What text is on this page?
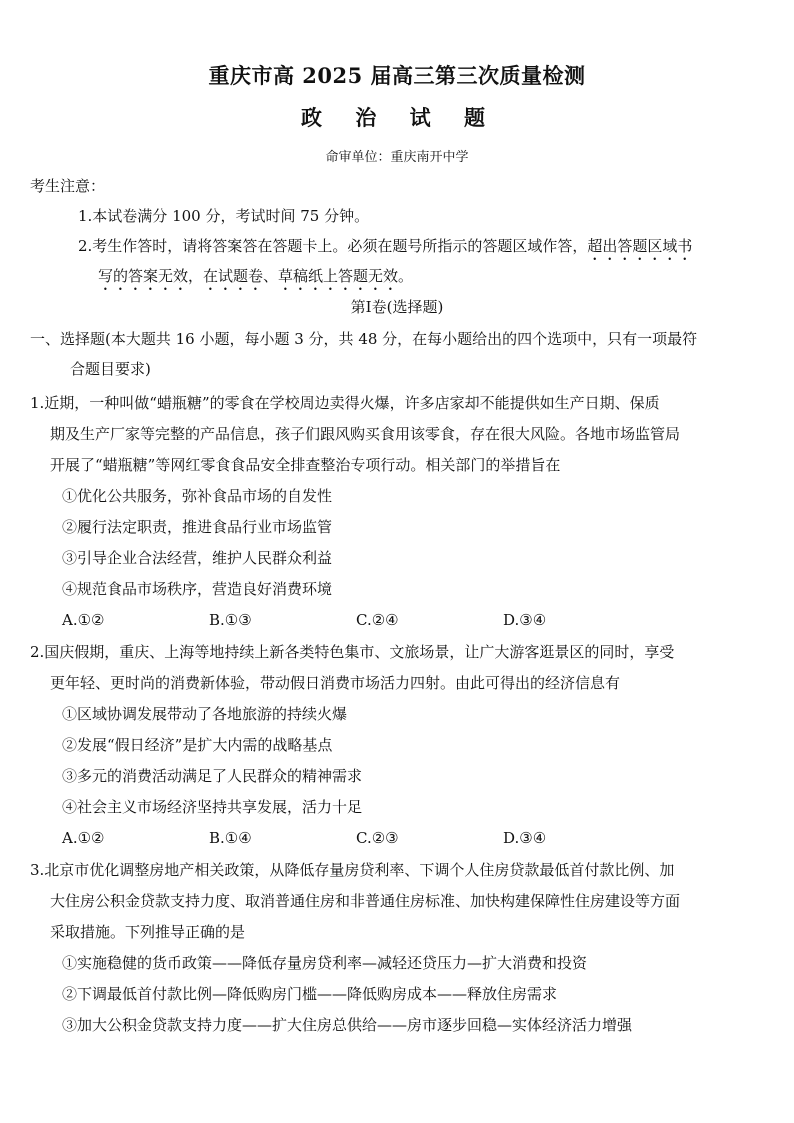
重庆市高 2025 届高三第三次质量检测
政 治 试 题
命审单位：重庆南开中学
考生注意：
1.本试卷满分 100 分，考试时间 75 分钟。
2.考生作答时，请将答案答在答题卡上。必须在题号所指示的答题区域作答，超出答题区域书
写的答案无效，在试题卷、草稿纸上答题无效。
第Ⅰ卷(选择题)
一、选择题(本大题共 16 小题，每小题 3 分，共 48 分，在每小题给出的四个选项中，只有一项最符
合题目要求)
1.近期，一种叫做“蜡瓶糖”的零食在学校周边卖得火爆，许多店家却不能提供如生产日期、保质
期及生产厂家等完整的产品信息，孩子们跟风购买食用该零食，存在很大风险。各地市场监管局
开展了“蜡瓶糖”等网红零食食品安全排查整治专项行动。相关部门的举措旨在
①优化公共服务，弥补食品市场的自发性
②履行法定职责，推进食品行业市场监管
③引导企业合法经营，维护人民群众利益
④规范食品市场秩序，营造良好消费环境
A.①②	B.①③	C.②④	D.③④
2.国庆假期，重庆、上海等地持续上新各类特色集市、文旅场景，让广大游客逛景区的同时，享受
更年轻、更时尚的消费新体验，带动假日消费市场活力四射。由此可得出的经济信息有
①区域协调发展带动了各地旅游的持续火爆
②发展“假日经济”是扩大内需的战略基点
③多元的消费活动满足了人民群众的精神需求
④社会主义市场经济坚持共享发展，活力十足
A.①②	B.①④	C.②③	D.③④
3.北京市优化调整房地产相关政策，从降低存量房贷利率、下调个人住房贷款最低首付款比例、加
大住房公积金贷款支持力度、取消普通住房和非普通住房标准、加快构建保障性住房建设等方面
采取措施。下列推导正确的是
①实施稳健的货币政策——降低存量房贷利率—减轻还贷压力—扩大消费和投资
②下调最低首付款比例—降低购房门槛——降低购房成本——释放住房需求
③加大公积金贷款支持力度——扩大住房总供给——房市逐步回稳—实体经济活力增强
